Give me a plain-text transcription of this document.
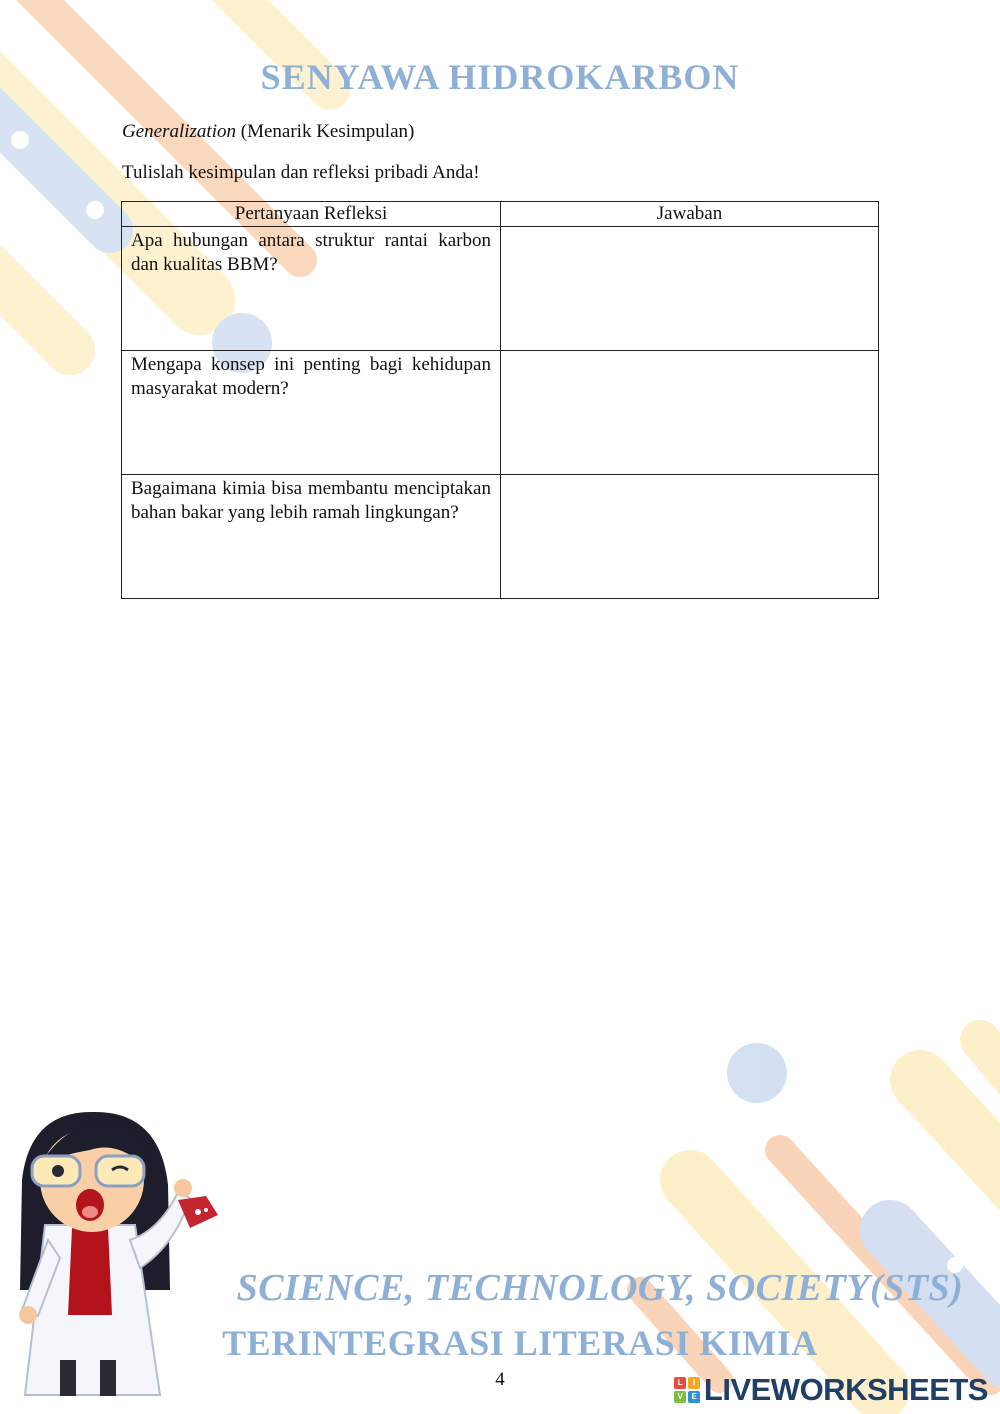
SENYAWA HIDROKARBON
Generalization (Menarik Kesimpulan)
Tulislah kesimpulan dan refleksi pribadi Anda!
Pertanyaan Refleksi	Jawaban
Apa hubungan antara struktur rantai karbon dan kualitas BBM?	
Mengapa konsep ini penting bagi kehidupan masyarakat modern?	
Bagaimana kimia bisa membantu menciptakan bahan bakar yang lebih ramah lingkungan?	
SCIENCE, TECHNOLOGY, SOCIETY(STS)
TERINTEGRASI LITERASI KIMIA
4	L	I
V	E LIVEWORKSHEETS
